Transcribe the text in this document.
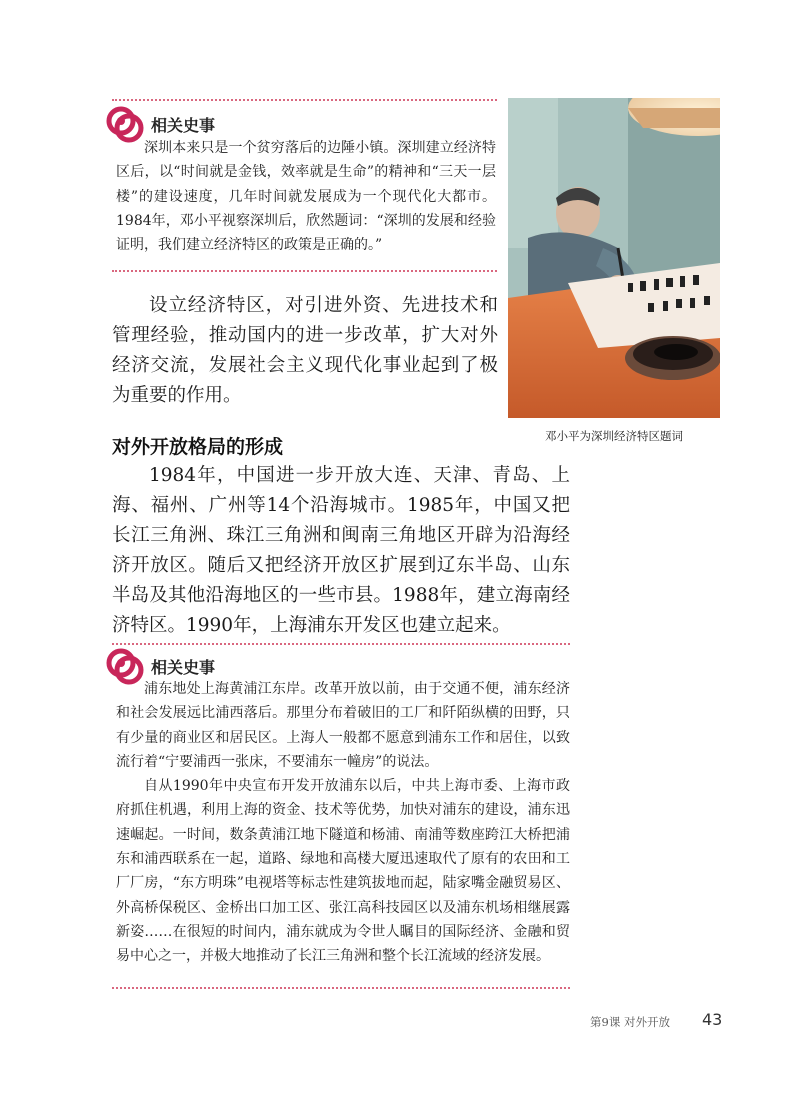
相关史事

深圳本来只是一个贫穷落后的边陲小镇。深圳建立经济特区后，以“时间就是金钱，效率就是生命”的精神和“三天一层楼”的建设速度，几年时间就发展成为一个现代化大都市。1984年，邓小平视察深圳后，欣然题词：“深圳的发展和经验证明，我们建立经济特区的政策是正确的。”

设立经济特区，对引进外资、先进技术和管理经验，推动国内的进一步改革，扩大对外经济交流，发展社会主义现代化事业起到了极为重要的作用。

邓小平为深圳经济特区题词
对外开放格局的形成

1984年，中国进一步开放大连、天津、青岛、上海、福州、广州等14个沿海城市。1985年，中国又把长江三角洲、珠江三角洲和闽南三角地区开辟为沿海经济开放区。随后又把经济开放区扩展到辽东半岛、山东半岛及其他沿海地区的一些市县。1988年，建立海南经济特区。1990年，上海浦东开发区也建立起来。

相关史事

浦东地处上海黄浦江东岸。改革开放以前，由于交通不便，浦东经济和社会发展远比浦西落后。那里分布着破旧的工厂和阡陌纵横的田野，只有少量的商业区和居民区。上海人一般都不愿意到浦东工作和居住，以致流行着“宁要浦西一张床，不要浦东一幢房”的说法。

自从1990年中央宣布开发开放浦东以后，中共上海市委、上海市政府抓住机遇，利用上海的资金、技术等优势，加快对浦东的建设，浦东迅速崛起。一时间，数条黄浦江地下隧道和杨浦、南浦等数座跨江大桥把浦东和浦西联系在一起，道路、绿地和高楼大厦迅速取代了原有的农田和工厂厂房，“东方明珠”电视塔等标志性建筑拔地而起，陆家嘴金融贸易区、外高桥保税区、金桥出口加工区、张江高科技园区以及浦东机场相继展露新姿……在很短的时间内，浦东就成为令世人瞩目的国际经济、金融和贸易中心之一，并极大地推动了长江三角洲和整个长江流域的经济发展。

第9课 对外开放 43
